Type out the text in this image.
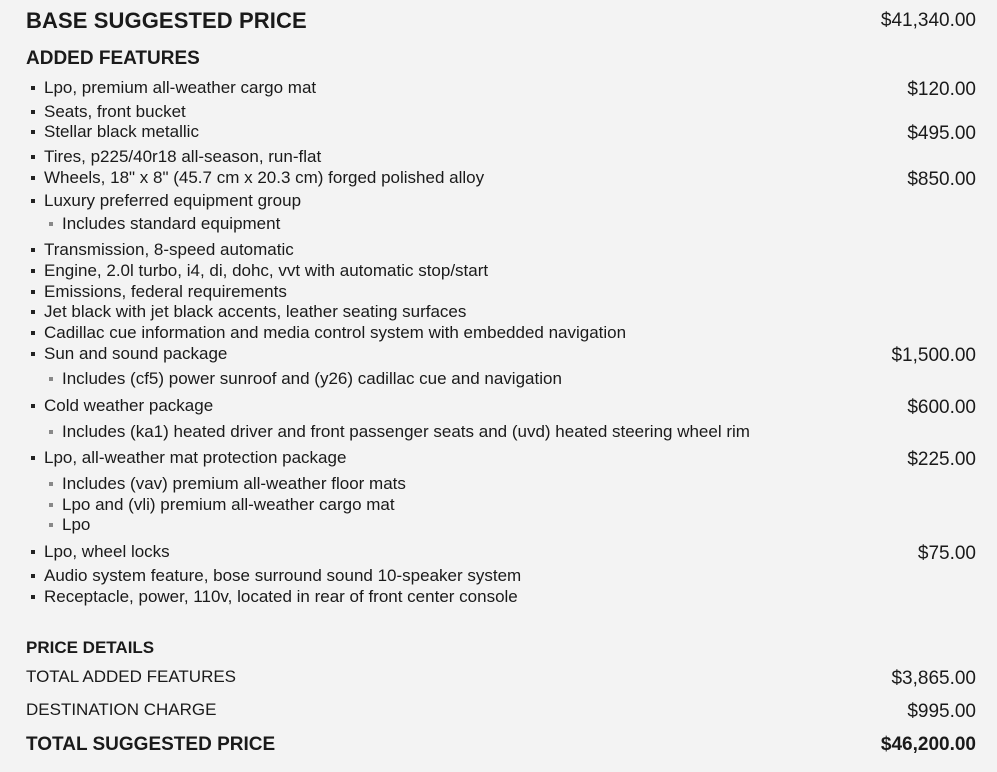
BASE SUGGESTED PRICE	$41,340.00
ADDED FEATURES
Lpo, premium all-weather cargo mat	$120.00
Seats, front bucket
Stellar black metallic	$495.00
Tires, p225/40r18 all-season, run-flat
Wheels, 18" x 8" (45.7 cm x 20.3 cm) forged polished alloy	$850.00
Luxury preferred equipment group
Includes standard equipment
Transmission, 8-speed automatic
Engine, 2.0l turbo, i4, di, dohc, vvt with automatic stop/start
Emissions, federal requirements
Jet black with jet black accents, leather seating surfaces
Cadillac cue information and media control system with embedded navigation
Sun and sound package	$1,500.00
Includes (cf5) power sunroof and (y26) cadillac cue and navigation
Cold weather package	$600.00
Includes (ka1) heated driver and front passenger seats and (uvd) heated steering wheel rim
Lpo, all-weather mat protection package	$225.00
Includes (vav) premium all-weather floor mats
Lpo and (vli) premium all-weather cargo mat
Lpo
Lpo, wheel locks	$75.00
Audio system feature, bose surround sound 10-speaker system
Receptacle, power, 110v, located in rear of front center console
PRICE DETAILS
TOTAL ADDED FEATURES	$3,865.00
DESTINATION CHARGE	$995.00
TOTAL SUGGESTED PRICE	$46,200.00
